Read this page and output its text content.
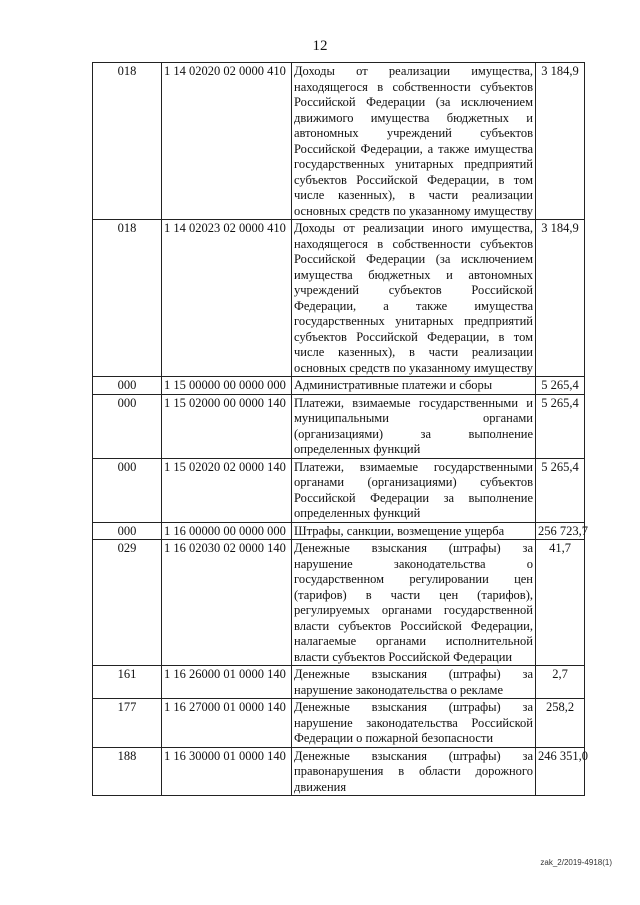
12
018	1 14 02020 02 0000 410	Доходы от реализации имущества, находящегося в собственности субъектов Российской Федерации (за исключением движимого имущества бюджетных и автономных учреждений субъектов Российской Федерации, а также имущества государственных унитарных предприятий субъектов Российской Федерации, в том числе казенных), в части реализации основных средств по указанному имуществу	3 184,9
018	1 14 02023 02 0000 410	Доходы от реализации иного имущества, находящегося в собственности субъектов Российской Федерации (за исключением имущества бюджетных и автономных учреждений субъектов Российской Федерации, а также имущества государственных унитарных предприятий субъектов Российской Федерации, в том числе казенных), в части реализации основных средств по указанному имуществу	3 184,9
000	1 15 00000 00 0000 000	Административные платежи и сборы	5 265,4
000	1 15 02000 00 0000 140	Платежи, взимаемые государственными и муниципальными органами (организациями) за выполнение определенных функций	5 265,4
000	1 15 02020 02 0000 140	Платежи, взимаемые государственными органами (организациями) субъектов Российской Федерации за выполнение определенных функций	5 265,4
000	1 16 00000 00 0000 000	Штрафы, санкции, возмещение ущерба	256 723,7
029	1 16 02030 02 0000 140	Денежные взыскания (штрафы) за нарушение законодательства о государственном регулировании цен (тарифов) в части цен (тарифов), регулируемых органами государственной власти субъектов Российской Федерации, налагаемые органами исполнительной власти субъектов Российской Федерации	41,7
161	1 16 26000 01 0000 140	Денежные взыскания (штрафы) за нарушение законодательства о рекламе	2,7
177	1 16 27000 01 0000 140	Денежные взыскания (штрафы) за нарушение законодательства Российской Федерации о пожарной безопасности	258,2
188	1 16 30000 01 0000 140	Денежные взыскания (штрафы) за правонарушения в области дорожного движения	246 351,0
zak_2/2019-4918(1)
